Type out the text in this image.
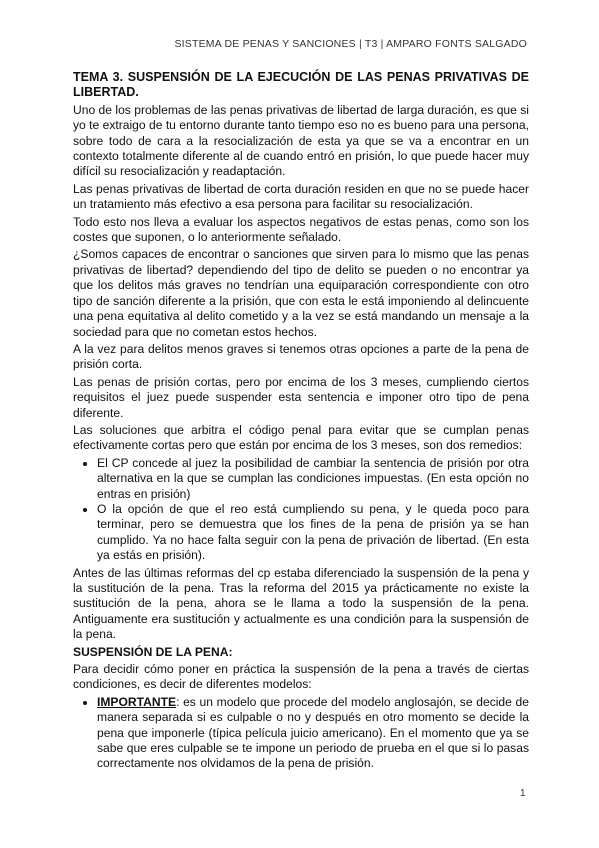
SISTEMA DE PENAS Y SANCIONES | T3 | AMPARO FONTS SALGADO

TEMA 3. SUSPENSIÓN DE LA EJECUCIÓN DE LAS PENAS PRIVATIVAS DE LIBERTAD.

Uno de los problemas de las penas privativas de libertad de larga duración, es que si yo te extraigo de tu entorno durante tanto tiempo eso no es bueno para una persona, sobre todo de cara a la resocialización de esta ya que se va a encontrar en un contexto totalmente diferente al de cuando entró en prisión, lo que puede hacer muy difícil su resocialización y readaptación.

Las penas privativas de libertad de corta duración residen en que no se puede hacer un tratamiento más efectivo a esa persona para facilitar su resocialización.

Todo esto nos lleva a evaluar los aspectos negativos de estas penas, como son los costes que suponen, o lo anteriormente señalado.

¿Somos capaces de encontrar o sanciones que sirven para lo mismo que las penas privativas de libertad? dependiendo del tipo de delito se pueden o no encontrar ya que los delitos más graves no tendrían una equiparación correspondiente con otro tipo de sanción diferente a la prisión, que con esta le está imponiendo al delincuente una pena equitativa al delito cometido y a la vez se está mandando un mensaje a la sociedad para que no cometan estos hechos.

A la vez para delitos menos graves si tenemos otras opciones a parte de la pena de prisión corta.

Las penas de prisión cortas, pero por encima de los 3 meses, cumpliendo ciertos requisitos el juez puede suspender esta sentencia e imponer otro tipo de pena diferente.

Las soluciones que arbitra el código penal para evitar que se cumplan penas efectivamente cortas pero que están por encima de los 3 meses, son dos remedios:

• El CP concede al juez la posibilidad de cambiar la sentencia de prisión por otra alternativa en la que se cumplan las condiciones impuestas. (En esta opción no entras en prisión)
• O la opción de que el reo está cumpliendo su pena, y le queda poco para terminar, pero se demuestra que los fines de la pena de prisión ya se han cumplido. Ya no hace falta seguir con la pena de privación de libertad. (En esta ya estás en prisión).

Antes de las últimas reformas del cp estaba diferenciado la suspensión de la pena y la sustitución de la pena. Tras la reforma del 2015 ya prácticamente no existe la sustitución de la pena, ahora se le llama a todo la suspensión de la pena. Antiguamente era sustitución y actualmente es una condición para la suspensión de la pena.

SUSPENSIÓN DE LA PENA:

Para decidir cómo poner en práctica la suspensión de la pena a través de ciertas condiciones, es decir de diferentes modelos:

• IMPORTANTE: es un modelo que procede del modelo anglosajón, se decide de manera separada si es culpable o no y después en otro momento se decide la pena que imponerle (típica película juicio americano). En el momento que ya se sabe que eres culpable se te impone un periodo de prueba en el que si lo pasas correctamente nos olvidamos de la pena de prisión.
1
